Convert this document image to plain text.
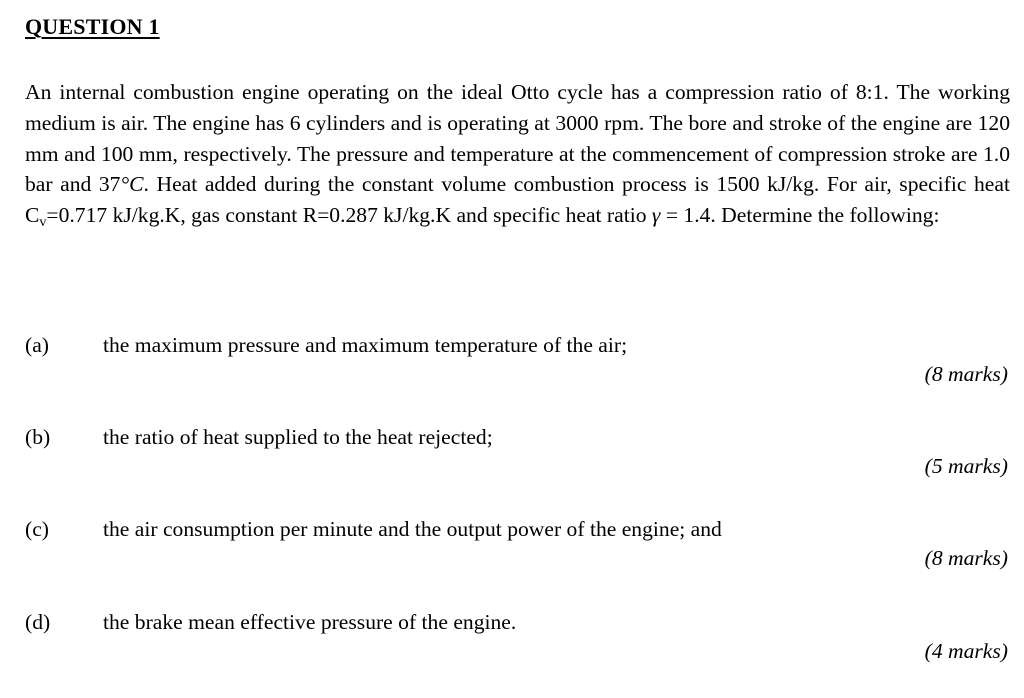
QUESTION 1
An internal combustion engine operating on the ideal Otto cycle has a compression ratio of 8:1. The working medium is air. The engine has 6 cylinders and is operating at 3000 rpm. The bore and stroke of the engine are 120 mm and 100 mm, respectively. The pressure and temperature at the commencement of compression stroke are 1.0 bar and 37°C. Heat added during the constant volume combustion process is 1500 kJ/kg. For air, specific heat $C_v=0.717$ kJ/kg.K, gas constant R=0.287 kJ/kg.K and specific heat ratio γ = 1.4. Determine the following:
(a)	the maximum pressure and maximum temperature of the air;
(8 marks)
(b) the ratio of heat supplied to the heat rejected;
(5 marks)
(c)	the air consumption per minute and the output power of the engine; and
(8 marks)
(d) the brake mean effective pressure of the engine.
(4 marks)
